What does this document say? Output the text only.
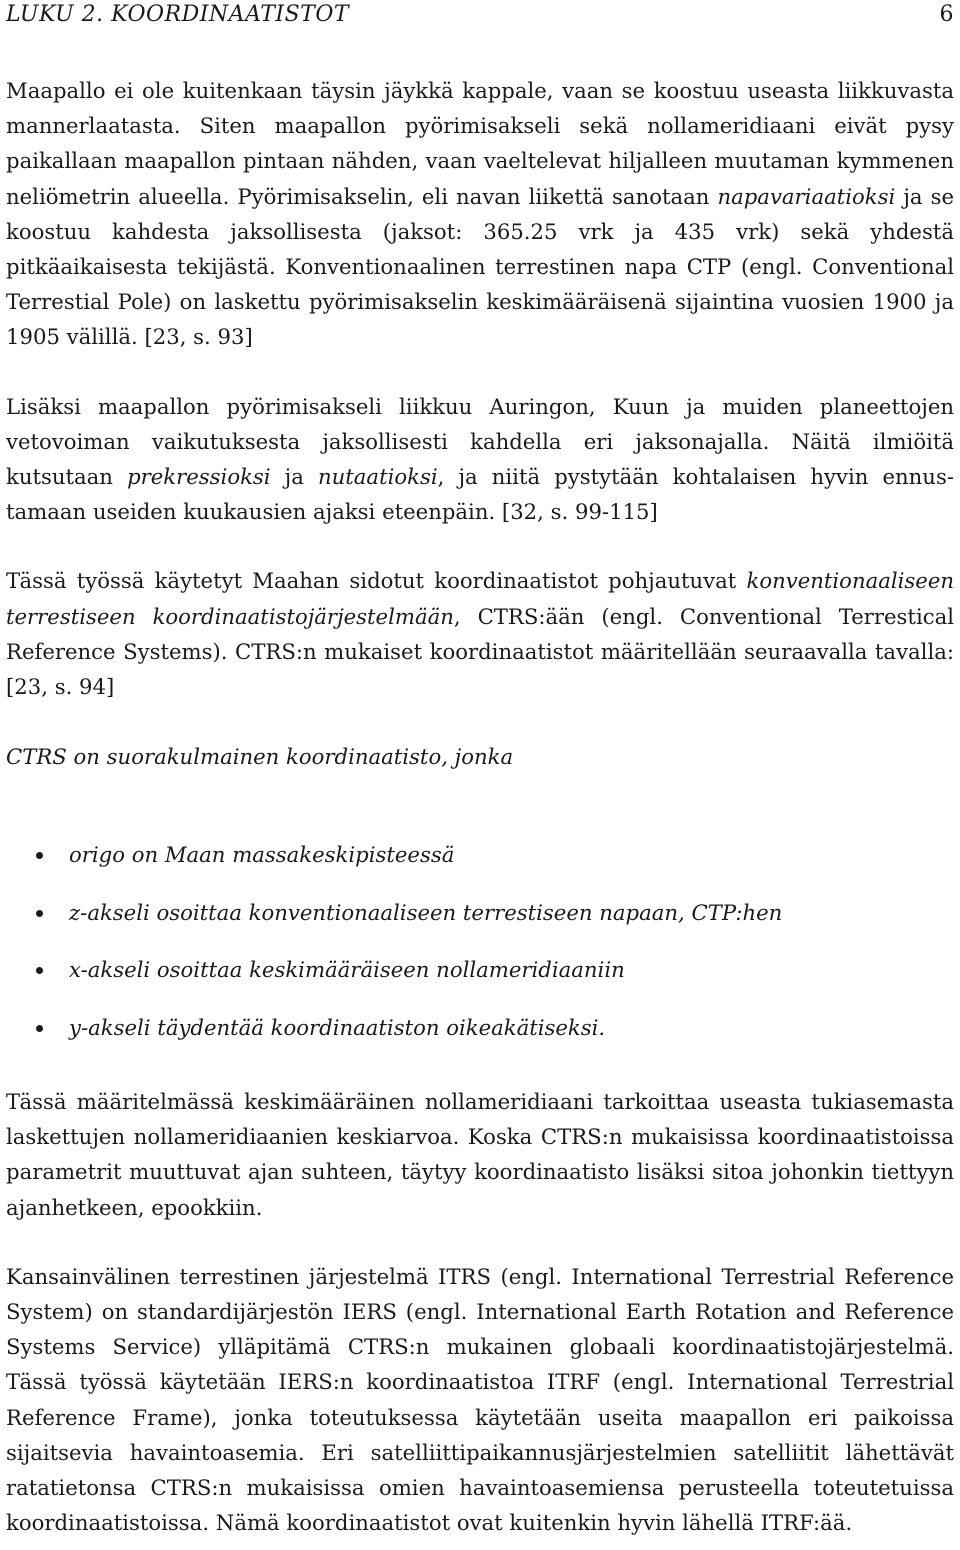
LUKU 2. KOORDINAATISTOT	6

Maapallo ei ole kuitenkaan täysin jäykkä kappale, vaan se koostuu useasta liikkuvasta mannerlaatasta. Siten maapallon pyörimisakseli sekä nollameridiaani eivät pysy paikallaan maapallon pintaan nähden, vaan vaeltelevat hiljalleen muutaman kymmenen neliömetrin alueella. Pyörimisakselin, eli navan liikettä sanotaan napavariaatioksi ja se koostuu kahdesta jaksollisesta (jaksot: 365.25 vrk ja 435 vrk) sekä yhdestä pitkäaikaisesta tekijästä. Konventionaalinen terrestinen napa CTP (engl. Conventional Terrestial Pole) on laskettu pyörimisakselin keskimääräisenä sijaintina vuosien 1900 ja 1905 välillä. [23, s. 93]

Lisäksi maapallon pyörimisakseli liikkuu Auringon, Kuun ja muiden planeettojen vetovoiman vaikutuksesta jaksollisesti kahdella eri jaksonajalla. Näitä ilmiöitä kutsutaan prekressioksi ja nutaatioksi, ja niitä pystytään kohtalaisen hyvin ennustamaan useiden kuukausien ajaksi eteenpäin. [32, s. 99-115]

Tässä työssä käytetyt Maahan sidotut koordinaatistot pohjautuvat konventionaaliseen terrestiseen koordinaatistojärjestelmään, CTRS:ään (engl. Conventional Terrestical Reference Systems). CTRS:n mukaiset koordinaatistot määritellään seuraavalla tavalla: [23, s. 94]

CTRS on suorakulmainen koordinaatisto, jonka

origo on Maan massakeskipisteessä
z-akseli osoittaa konventionaaliseen terrestiseen napaan, CTP:hen
x-akseli osoittaa keskimääräiseen nollameridiaaniin
y-akseli täydentää koordinaatiston oikeakätiseksi.

Tässä määritelmässä keskimääräinen nollameridiaani tarkoittaa useasta tukiasemasta laskettujen nollameridiaanien keskiarvoa. Koska CTRS:n mukaisissa koordinaatistoissa parametrit muuttuvat ajan suhteen, täytyy koordinaatisto lisäksi sitoa johonkin tiettyyn ajanhetkeen, epookkiin.

Kansainvälinen terrestinen järjestelmä ITRS (engl. International Terrestrial Reference System) on standardijärjestön IERS (engl. International Earth Rotation and Reference Systems Service) ylläpitämä CTRS:n mukainen globaali koordinaatistojärjestelmä. Tässä työssä käytetään IERS:n koordinaatistoa ITRF (engl. International Terrestrial Reference Frame), jonka toteutuksessa käytetään useita maapallon eri paikoissa sijaitsevia havaintoasemia. Eri satelliittipaikannusjärjestelmien satelliitit lähettävät ratatietonsa CTRS:n mukaisissa omien havaintoasemiensa perusteella toteutetuissa koordinaatistoissa. Nämä koordinaatistot ovat kuitenkin hyvin lähellä ITRF:ää.
